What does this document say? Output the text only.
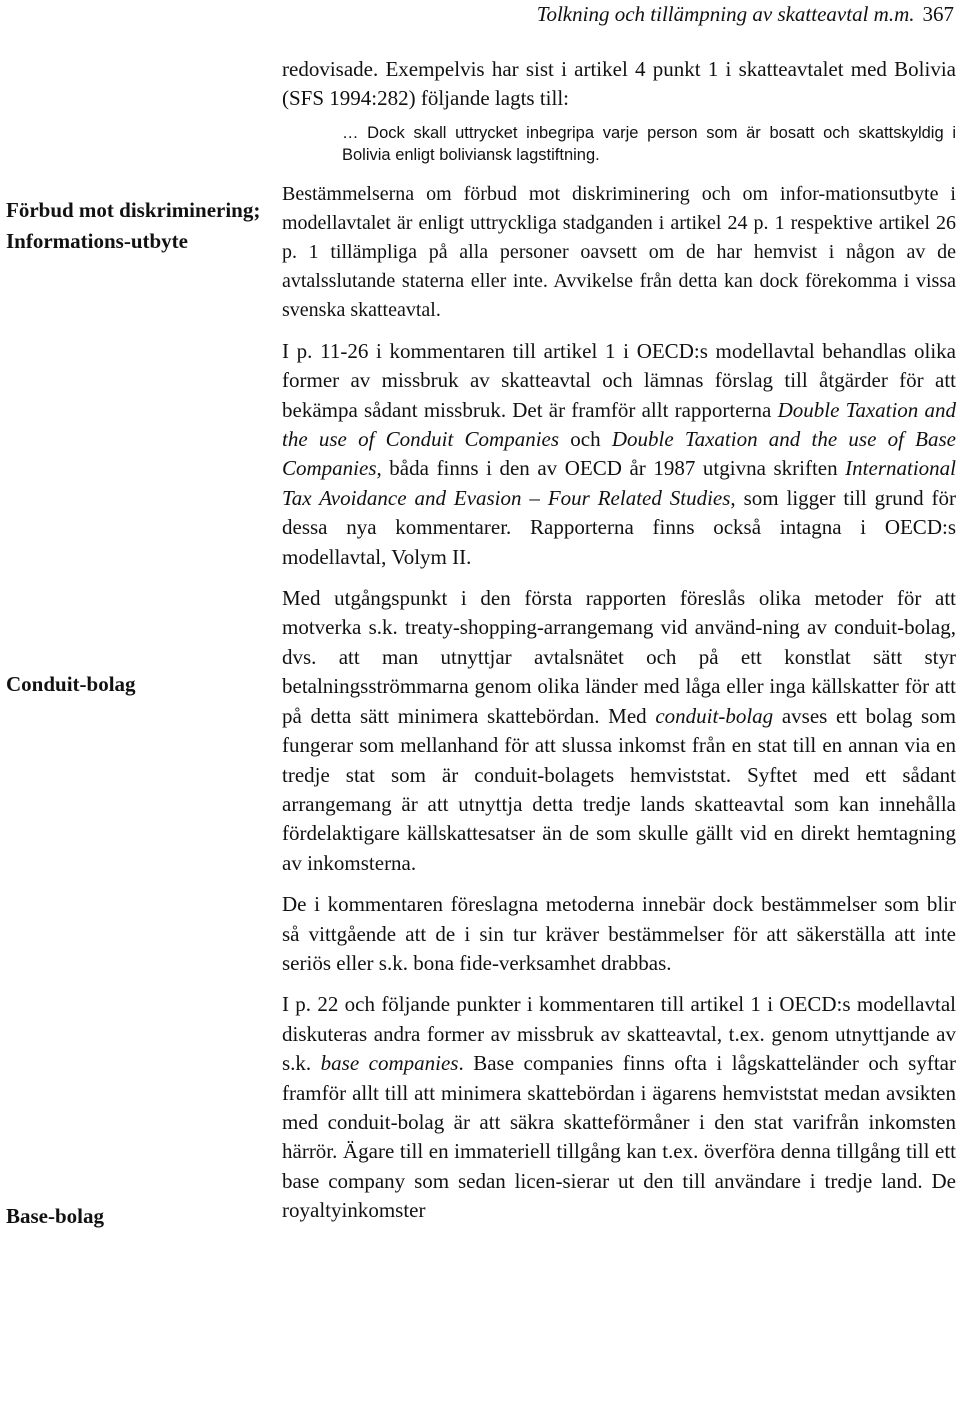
Tolkning och tillämpning av skatteavtal m.m. 367
Förbud mot diskriminering; Informations-utbyte
Conduit-bolag
Base-bolag

redovisade. Exempelvis har sist i artikel 4 punkt 1 i skatteavtalet med Bolivia (SFS 1994:282) följande lagts till:

… Dock skall uttrycket inbegripa varje person som är bosatt och skattskyldig i Bolivia enligt boliviansk lagstiftning.

Bestämmelserna om förbud mot diskriminering och om infor-mationsutbyte i modellavtalet är enligt uttryckliga stadganden i artikel 24 p. 1 respektive artikel 26 p. 1 tillämpliga på alla personer oavsett om de har hemvist i någon av de avtalsslutande staterna eller inte. Avvikelse från detta kan dock förekomma i vissa svenska skatteavtal.

I p. 11-26 i kommentaren till artikel 1 i OECD:s modellavtal behandlas olika former av missbruk av skatteavtal och lämnas förslag till åtgärder för att bekämpa sådant missbruk. Det är framför allt rapporterna Double Taxation and the use of Conduit Companies och Double Taxation and the use of Base Companies, båda finns i den av OECD år 1987 utgivna skriften International Tax Avoidance and Evasion – Four Related Studies, som ligger till grund för dessa nya kommentarer. Rapporterna finns också intagna i OECD:s modellavtal, Volym II.

Med utgångspunkt i den första rapporten föreslås olika metoder för att motverka s.k. treaty-shopping-arrangemang vid använd-ning av conduit-bolag, dvs. att man utnyttjar avtalsnätet och på ett konstlat sätt styr betalningsströmmarna genom olika länder med låga eller inga källskatter för att på detta sätt minimera skattebördan. Med conduit-bolag avses ett bolag som fungerar som mellanhand för att slussa inkomst från en stat till en annan via en tredje stat som är conduit-bolagets hemviststat. Syftet med ett sådant arrangemang är att utnyttja detta tredje lands skatteavtal som kan innehålla fördelaktigare källskattesatser än de som skulle gällt vid en direkt hemtagning av inkomsterna.

De i kommentaren föreslagna metoderna innebär dock bestämmelser som blir så vittgående att de i sin tur kräver bestämmelser för att säkerställa att inte seriös eller s.k. bona fide-verksamhet drabbas.

I p. 22 och följande punkter i kommentaren till artikel 1 i OECD:s modellavtal diskuteras andra former av missbruk av skatteavtal, t.ex. genom utnyttjande av s.k. base companies. Base companies finns ofta i lågskatteländer och syftar framför allt till att minimera skattebördan i ägarens hemviststat medan avsikten med conduit-bolag är att säkra skatteförmåner i den stat varifrån inkomsten härrör. Ägare till en immateriell tillgång kan t.ex. överföra denna tillgång till ett base company som sedan licen-sierar ut den till användare i tredje land. De royaltyinkomster
